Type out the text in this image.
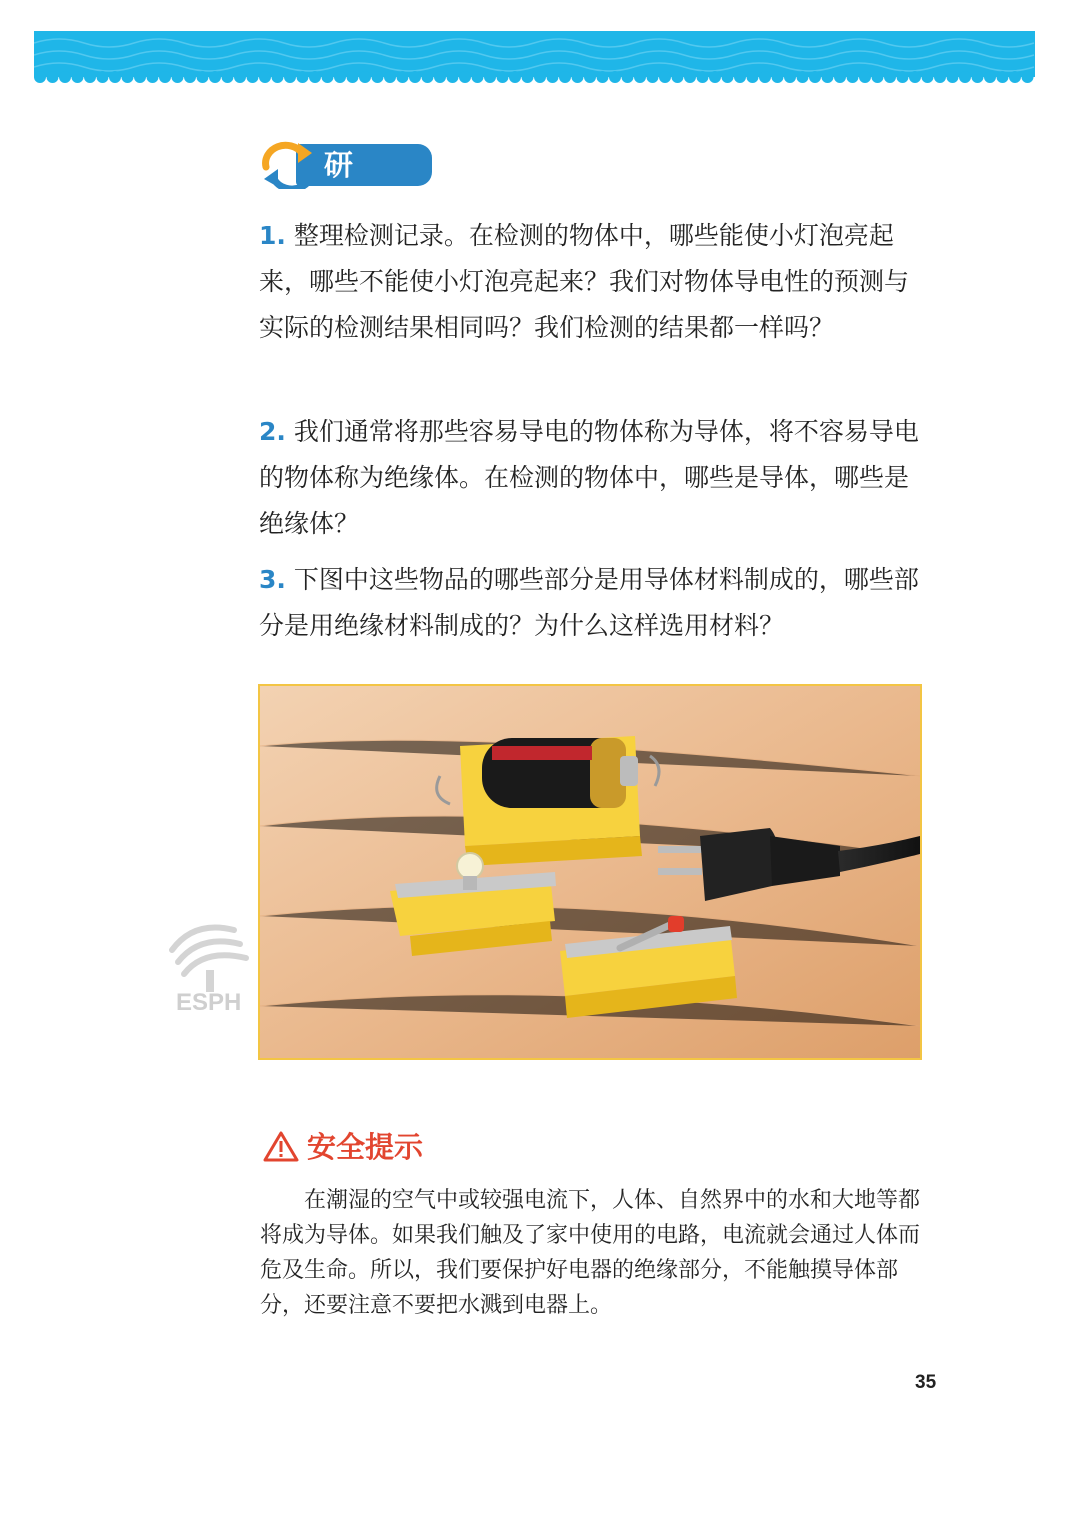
研 讨

1. 整理检测记录。在检测的物体中，哪些能使小灯泡亮起来，哪些不能使小灯泡亮起来？我们对物体导电性的预测与实际的检测结果相同吗？我们检测的结果都一样吗？

2. 我们通常将那些容易导电的物体称为导体，将不容易导电的物体称为绝缘体。在检测的物体中，哪些是导体，哪些是绝缘体？

3. 下图中这些物品的哪些部分是用导体材料制成的，哪些部分是用绝缘材料制成的？为什么这样选用材料？

ESPH
安全提示

在潮湿的空气中或较强电流下，人体、自然界中的水和大地等都将成为导体。如果我们触及了家中使用的电路，电流就会通过人体而危及生命。所以，我们要保护好电器的绝缘部分，不能触摸导体部分，还要注意不要把水溅到电器上。

35
